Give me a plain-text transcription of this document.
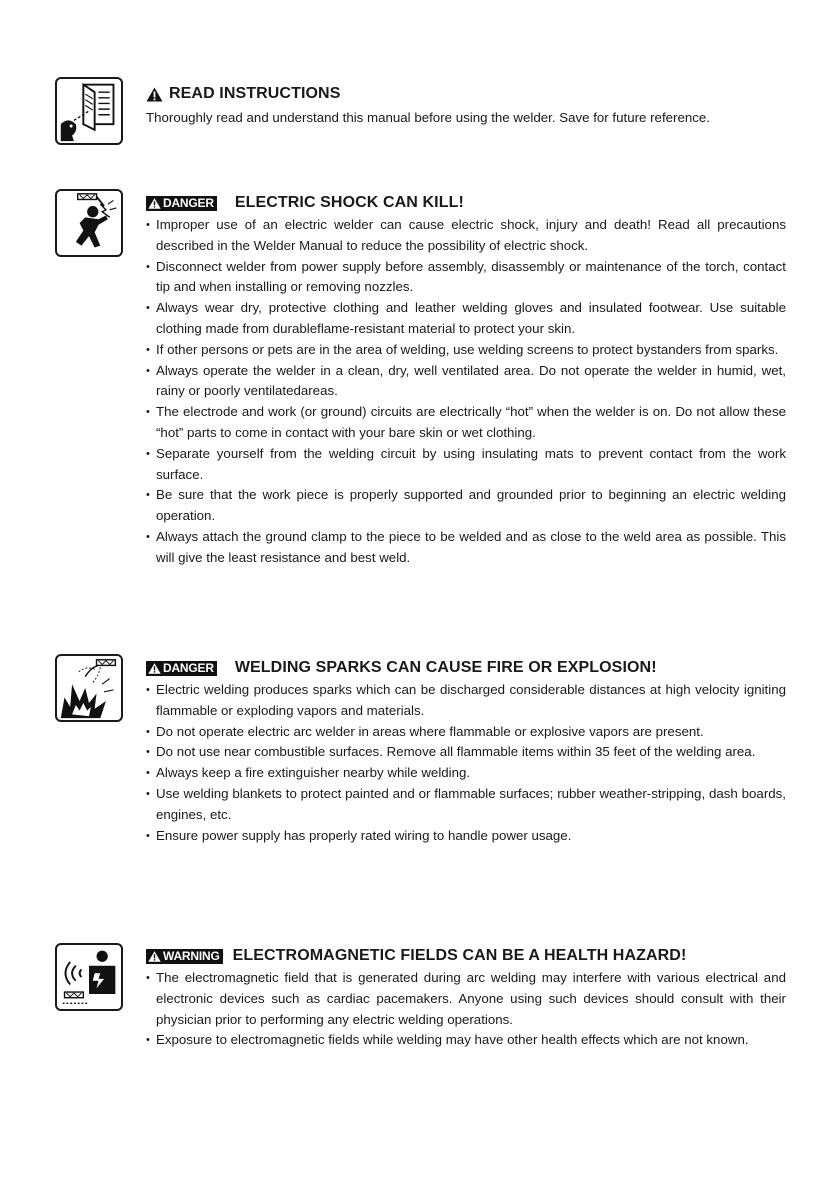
READ INSTRUCTIONS
Thoroughly read and understand this manual before using the welder. Save for future reference.
DANGER ELECTRIC SHOCK CAN KILL!
• Improper use of an electric welder can cause electric shock, injury and death! Read all precautions described in the Welder Manual to reduce the possibility of electric shock.
• Disconnect welder from power supply before assembly, disassembly or maintenance of the torch, contact tip and when installing or removing nozzles.
• Always wear dry, protective clothing and leather welding gloves and insulated footwear. Use suitable clothing made from durableflame-resistant material to protect your skin.
• If other persons or pets are in the area of welding, use welding screens to protect bystanders from sparks.
• Always operate the welder in a clean, dry, well ventilated area. Do not operate the welder in humid, wet, rainy or poorly ventilatedareas.
• The electrode and work (or ground) circuits are electrically “hot” when the welder is on. Do not allow these “hot” parts to come in contact with your bare skin or wet clothing.
• Separate yourself from the welding circuit by using insulating mats to prevent contact from the work surface.
• Be sure that the work piece is properly supported and grounded prior to beginning an electric welding operation.
• Always attach the ground clamp to the piece to be welded and as close to the weld area as possible. This will give the least resistance and best weld.
DANGER WELDING SPARKS CAN CAUSE FIRE OR EXPLOSION!
• Electric welding produces sparks which can be discharged considerable distances at high velocity igniting flammable or exploding vapors and materials.
• Do not operate electric arc welder in areas where flammable or explosive vapors are present.
• Do not use near combustible surfaces. Remove all flammable items within 35 feet of the welding area.
• Always keep a fire extinguisher nearby while welding.
• Use welding blankets to protect painted and or flammable surfaces; rubber weather-stripping, dash boards, engines, etc.
• Ensure power supply has properly rated wiring to handle power usage.
WARNING ELECTROMAGNETIC FIELDS CAN BE A HEALTH HAZARD!
• The electromagnetic field that is generated during arc welding may interfere with various electrical and electronic devices such as cardiac pacemakers. Anyone using such devices should consult with their physician prior to performing any electric welding operations.
• Exposure to electromagnetic fields while welding may have other health effects which are not known.
